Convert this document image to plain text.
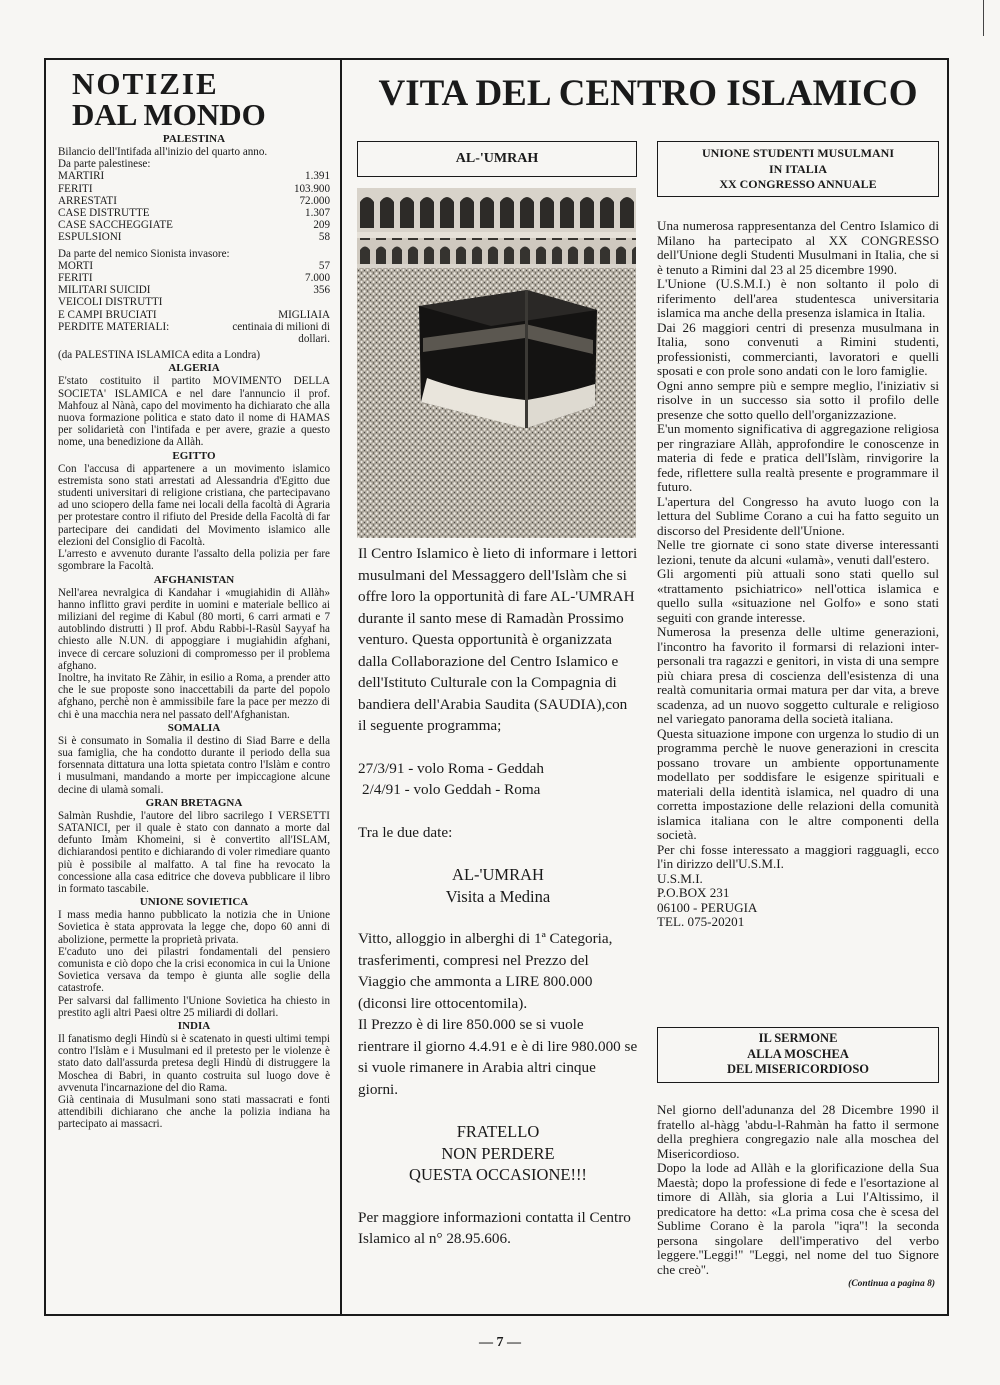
NOTIZIE
DAL MONDO
PALESTINA

Bilancio dell'Intifada all'inizio del quarto anno.

Da parte palestinese:

MARTIRI	1.391
FERITI	103.900
ARRESTATI	72.000
CASE DISTRUTTE	1.307
CASE SACCHEGGIATE	209
ESPULSIONI	58

Da parte del nemico Sionista invasore:

MORTI	57
FERITI	7.000
MILITARI SUICIDI	356
VEICOLI DISTRUTTI
E CAMPI BRUCIATI	MIGLIAIA
PERDITE MATERIALI:	centinaia di milioni di dollari.

(da PALESTINA ISLAMICA edita a Londra)

ALGERIA

E'stato costituito il partito MOVIMENTO DELLA SOCIETA' ISLAMICA e nel dare l'annuncio il prof. Mahfouz al Nànà, capo del movimento ha dichiarato che alla nuova formazione politica e stato dato il nome di HAMAS per solidarietà con l'intifada e per avere, grazie a questo nome, una benedizione da Allàh.

EGITTO

Con l'accusa di appartenere a un movimento islamico estremista sono stati arrestati ad Alessandria d'Egitto due studenti universitari di religione cristiana, che partecipavano ad uno sciopero della fame nei locali della facoltà di Agraria per protestare contro il rifiuto del Preside della Facoltà di far partecipare dei candidati del Movimento islamico alle elezioni del Consiglio di Facoltà.

L'arresto e avvenuto durante l'assalto della polizia per fare sgombrare la Facoltà.

AFGHANISTAN

Nell'area nevralgica di Kandahar i «mugiahidin di Allàh» hanno inflitto gravi perdite in uomini e materiale bellico ai miliziani del regime di Kabul (80 morti, 6 carri armati e 7 autoblindo distrutti ) Il prof. Abdu Rabbi-l-Rasùl Sayyaf ha chiesto alle N.UN. di appoggiare i mugiahidin afghani, invece di cercare soluzioni di compromesso per il problema afghano.

Inoltre, ha invitato Re Zàhir, in esilio a Roma, a prender atto che le sue proposte sono inaccettabili da parte del popolo afghano, perchè non è ammissibile fare la pace per mezzo di chi è una macchia nera nel passato dell'Afghanistan.

SOMALIA

Si è consumato in Somalia il destino di Siad Barre e della sua famiglia, che ha condotto durante il periodo della sua forsennata dittatura una lotta spietata contro l'Islàm e contro i musulmani, mandando a morte per impiccagione alcune decine di ulamà somali.

GRAN BRETAGNA

Salmàn Rushdie, l'autore del libro sacrilego I VERSETTI SATANICI, per il quale è stato con dannato a morte dal defunto Imàm Khomeini, si è convertito all'ISLAM, dichiarandosi pentito e dichiarando di voler rimediare quanto più è possibile al malfatto. A tal fine ha revocato la concessione alla casa editrice che doveva pubblicare il libro in formato tascabile.

UNIONE SOVIETICA

I mass media hanno pubblicato la notizia che in Unione Sovietica è stata approvata la legge che, dopo 60 anni di abolizione, permette la proprietà privata.

E'caduto uno dei pilastri fondamentali del pensiero comunista e ciò dopo che la crisi economica in cui la Unione Sovietica versava da tempo è giunta alle soglie della catastrofe.

Per salvarsi dal fallimento l'Unione Sovietica ha chiesto in prestito agli altri Paesi oltre 25 miliardi di dollari.

INDIA

Il fanatismo degli Hindù si è scatenato in questi ultimi tempi contro l'Islàm e i Musulmani ed il pretesto per le violenze è stato dato dall'assurda pretesa degli Hindù di distruggere la Moschea di Babri, in quanto costruita sul luogo dove è avvenuta l'incarnazione del dio Rama.

Già centinaia di Musulmani sono stati massacrati e fonti attendibili dichiarano che anche la polizia indiana ha partecipato ai massacri.

VITA DEL CENTRO ISLAMICO
AL-'UMRAH

Il Centro Islamico è lieto di informare i lettori musulmani del Messaggero dell'Islàm che si offre loro la opportunità di fare AL-'UMRAH durante il santo mese di Ramadàn Prossimo venturo. Questa opportunità è organizzata dalla Collaborazione del Centro Islamico e dell'Istituto Culturale con la Compagnia di bandiera dell'Arabia Saudita (SAUDIA),con il seguente programma;

27/3/91 - volo Roma - Geddah

2/4/91 - volo Geddah - Roma

Tra le due date:

AL-'UMRAH

Visita a Medina

Vitto, alloggio in alberghi di 1ª Categoria, trasferimenti, compresi nel Prezzo del Viaggio che ammonta a LIRE 800.000 (diconsi lire ottocentomila).

Il Prezzo è di lire 850.000 se si vuole rientrare il giorno 4.4.91 e è di lire 980.000 se si vuole rimanere in Arabia altri cinque giorni.

FRATELLO

NON PERDERE

QUESTA OCCASIONE!!!

Per maggiore informazioni contatta il Centro Islamico al n° 28.95.606.

UNIONE STUDENTI MUSULMANI
IN ITALIA
XX CONGRESSO ANNUALE

Una numerosa rappresentanza del Centro Islamico di Milano ha partecipato al XX CONGRESSO dell'Unione degli Studenti Musulmani in Italia, che si è tenuto a Rimini dal 23 al 25 dicembre 1990.

L'Unione (U.S.M.I.) è non soltanto il polo di riferimento dell'area studentesca universitaria islamica ma anche della presenza islamica in Italia.

Dai 26 maggiori centri di presenza musulmana in Italia, sono convenuti a Rimini studenti, professionisti, commercianti, lavoratori e quelli sposati e con prole sono andati con le loro famiglie.

Ogni anno sempre più e sempre meglio, l'iniziativ si risolve in un successo sia sotto il profilo delle presenze che sotto quello dell'organizzazione.

E'un momento significativa di aggregazione religiosa per ringraziare Allàh, approfondire le conoscenze in materia di fede e pratica dell'Islàm, rinvigorire la fede, riflettere sulla realtà presente e programmare il futuro.

L'apertura del Congresso ha avuto luogo con la lettura del Sublime Corano a cui ha fatto seguito un discorso del Presidente dell'Unione.

Nelle tre giornate ci sono state diverse interessanti lezioni, tenute da alcuni «ulamà», venuti dall'estero.

Gli argomenti più attuali sono stati quello sul «trattamento psichiatrico» nell'ottica islamica e quello sulla «situazione nel Golfo» e sono stati seguiti con grande interesse.

Numerosa la presenza delle ultime generazioni, l'incontro ha favorito il formarsi di relazioni inter-personali tra ragazzi e genitori, in vista di una sempre più chiara presa di coscienza dell'esistenza di una realtà comunitaria ormai matura per dar vita, a breve scadenza, ad un nuovo soggetto culturale e religioso nel variegato panorama della società italiana.

Questa situazione impone con urgenza lo studio di un programma perchè le nuove generazioni in crescita possano trovare un ambiente opportunamente modellato per soddisfare le esigenze spirituali e materiali della identità islamica, nel quadro di una corretta impostazione delle relazioni della comunità islamica italiana con le altre componenti della società.

Per chi fosse interessato a maggiori ragguagli, ecco l'in dirizzo dell'U.S.M.I.

U.S.M.I.

P.O.BOX 231

06100 - PERUGIA

TEL. 075-20201

IL SERMONE
ALLA MOSCHEA
DEL MISERICORDIOSO

Nel giorno dell'adunanza del 28 Dicembre 1990 il fratello al-hàgg 'abdu-l-Rahmàn ha fatto il sermone della preghiera congregazio nale alla moschea del Misericordioso.

Dopo la lode ad Allàh e la glorificazione della Sua Maestà; dopo la professione di fede e l'esortazione al timore di Allàh, sia gloria a Lui l'Altissimo, il predicatore ha detto: «La prima cosa che è scesa del Sublime Corano è la parola ''iqra''! la seconda persona singolare dell'imperativo del verbo leggere.''Leggi!'' ''Leggi, nel nome del tuo Signore che creò''.

(Continua a pagina 8)

— 7 —
